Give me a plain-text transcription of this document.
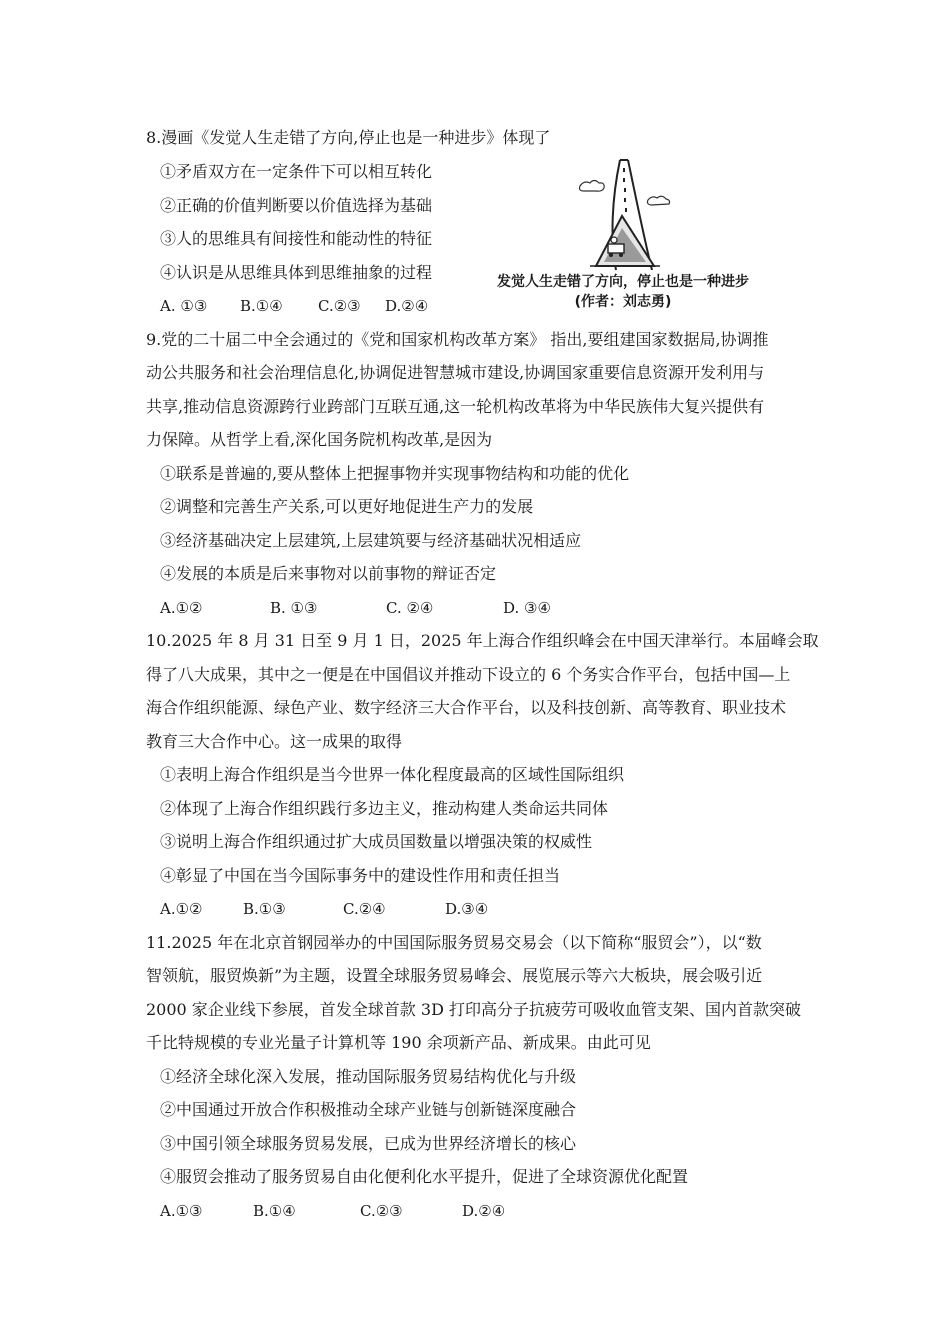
8.漫画《发觉人生走错了方向,停止也是一种进步》体现了
①矛盾双方在一定条件下可以相互转化
②正确的价值判断要以价值选择为基础
③人的思维具有间接性和能动性的特征
④认识是从思维具体到思维抽象的过程
A. ①③ B.①④ C.②③ D.②④
发觉人生走错了方向，停止也是一种进步
(作者：刘志勇)
9.党的二十届二中全会通过的《党和国家机构改革方案》 指出,要组建国家数据局,协调推
动公共服务和社会治理信息化,协调促进智慧城市建设,协调国家重要信息资源开发利用与
共享,推动信息资源跨行业跨部门互联互通,这一轮机构改革将为中华民族伟大复兴提供有
力保障。从哲学上看,深化国务院机构改革,是因为
①联系是普遍的,要从整体上把握事物并实现事物结构和功能的优化
②调整和完善生产关系,可以更好地促进生产力的发展
③经济基础决定上层建筑,上层建筑要与经济基础状况相适应
④发展的本质是后来事物对以前事物的辩证否定
A.①②	B. ①③	C. ②④	D. ③④
10.2025 年 8 月 31 日至 9 月 1 日，2025 年上海合作组织峰会在中国天津举行。本届峰会取
得了八大成果，其中之一便是在中国倡议并推动下设立的 6 个务实合作平台，包括中国—上
海合作组织能源、绿色产业、数字经济三大合作平台，以及科技创新、高等教育、职业技术
教育三大合作中心。这一成果的取得
①表明上海合作组织是当今世界一体化程度最高的区域性国际组织
②体现了上海合作组织践行多边主义，推动构建人类命运共同体
③说明上海合作组织通过扩大成员国数量以增强决策的权威性
④彰显了中国在当今国际事务中的建设性作用和责任担当
A.①②	B.①③	C.②④	D.③④
11.2025 年在北京首钢园举办的中国国际服务贸易交易会（以下简称“服贸会”），以“数
智领航，服贸焕新”为主题，设置全球服务贸易峰会、展览展示等六大板块，展会吸引近
2000 家企业线下参展，首发全球首款 3D 打印高分子抗疲劳可吸收血管支架、国内首款突破
千比特规模的专业光量子计算机等 190 余项新产品、新成果。由此可见
①经济全球化深入发展，推动国际服务贸易结构优化与升级
②中国通过开放合作积极推动全球产业链与创新链深度融合
③中国引领全球服务贸易发展，已成为世界经济增长的核心
④服贸会推动了服务贸易自由化便利化水平提升，促进了全球资源优化配置
A.①③	B.①④	C.②③	D.②④
